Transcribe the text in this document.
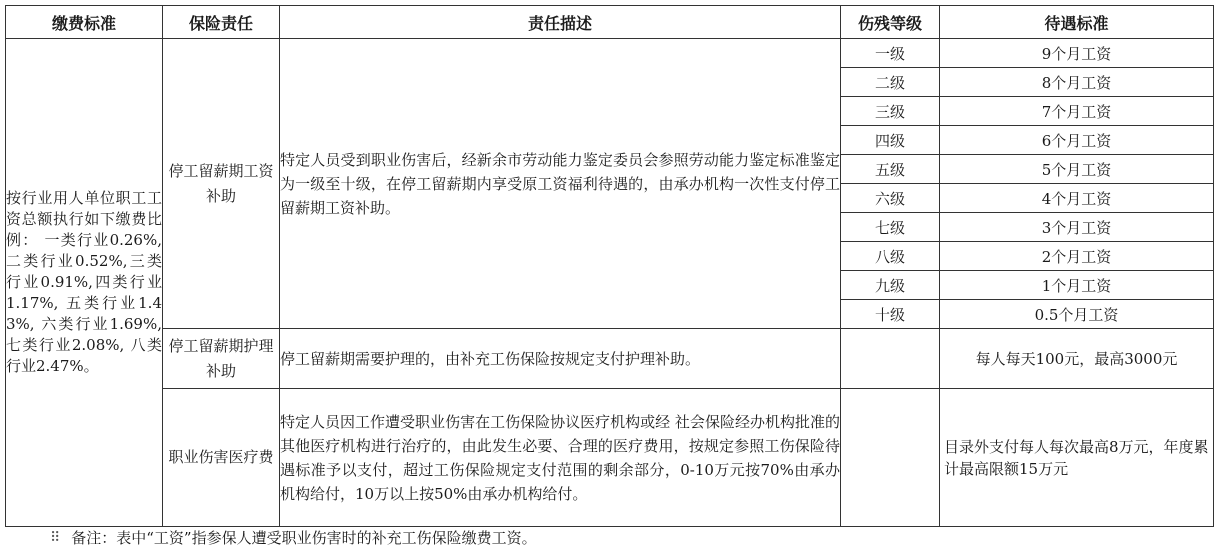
缴费标准	保险责任	责任描述	伤残等级	待遇标准
按行业用人单位职工工资总额执行如下缴费比例： 一类行业0.26%,二类行业0.52%,三类行业0.91%,四类行业1.17%, 五类行业1.43%, 六类行业1.69%, 七类行业2.08%, 八类行业2.47%。	停工留薪期工资补助	特定人员受到职业伤害后，经新余市劳动能力鉴定委员会参照劳动能力鉴定标准鉴定为一级至十级，在停工留薪期内享受原工资福利待遇的，由承办机构一次性支付停工留薪期工资补助。	一级	9个月工资
			二级	8个月工资
			三级	7个月工资
			四级	6个月工资
			五级	5个月工资
			六级	4个月工资
			七级	3个月工资
			八级	2个月工资
			九级	1个月工资
			十级	0.5个月工资
	停工留薪期护理补助	停工留薪期需要护理的，由补充工伤保险按规定支付护理补助。		每人每天100元，最高3000元
	职业伤害医疗费	特定人员因工作遭受职业伤害在工伤保险协议医疗机构或经 社会保险经办机构批准的其他医疗机构进行治疗的，由此发生必要、合理的医疗费用，按规定参照工伤保险待遇标准予以支付，超过工伤保险规定支付范围的剩余部分，0-10万元按70%由承办机构给付，10万以上按50%由承办机构给付。		目录外支付每人每次最高8万元，年度累计最高限额15万元
⠿ 备注：表中“工资”指参保人遭受职业伤害时的补充工伤保险缴费工资。
